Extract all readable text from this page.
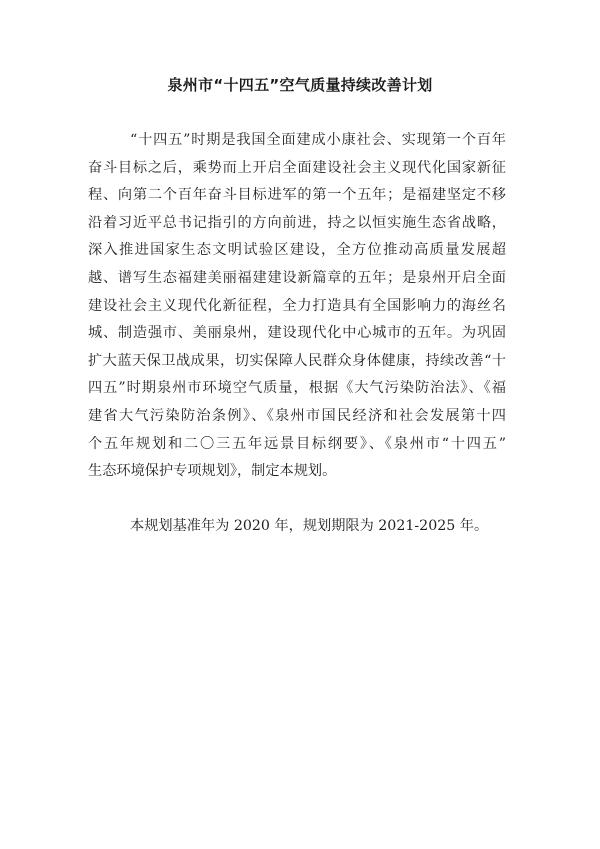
泉州市“十四五”空气质量持续改善计划
“十四五”时期是我国全面建成小康社会、实现第一个百年
奋斗目标之后，乘势而上开启全面建设社会主义现代化国家新征
程、向第二个百年奋斗目标进军的第一个五年；是福建坚定不移
沿着习近平总书记指引的方向前进，持之以恒实施生态省战略，
深入推进国家生态文明试验区建设，全方位推动高质量发展超
越、谱写生态福建美丽福建建设新篇章的五年；是泉州开启全面
建设社会主义现代化新征程，全力打造具有全国影响力的海丝名
城、制造强市、美丽泉州，建设现代化中心城市的五年。为巩固
扩大蓝天保卫战成果，切实保障人民群众身体健康，持续改善“十
四五”时期泉州市环境空气质量，根据《大气污染防治法》、《福
建省大气污染防治条例》、《泉州市国民经济和社会发展第十四
个五年规划和二〇三五年远景目标纲要》、《泉州市“十四五”
生态环境保护专项规划》，制定本规划。
本规划基准年为 2020 年，规划期限为 2021-2025 年。
